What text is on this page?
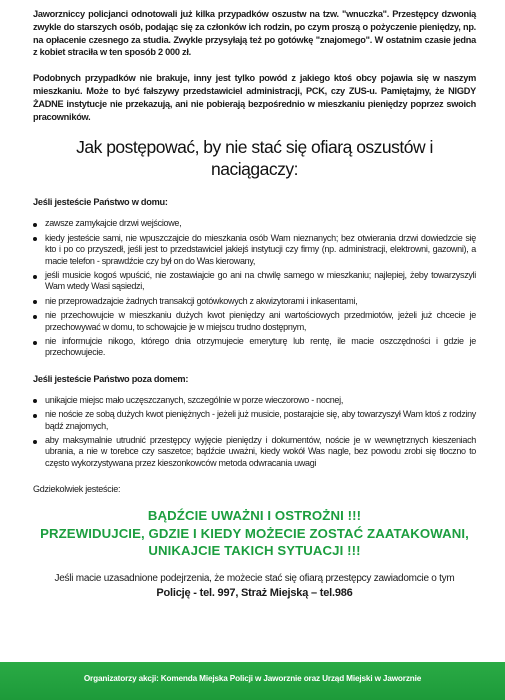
Jaworzniccy policjanci odnotowali już kilka przypadków oszustw na tzw. "wnuczka". Przestępcy dzwonią zwykle do starszych osób, podając się za członków ich rodzin, po czym proszą o pożyczenie pieniędzy, np. na opłacenie czesnego za studia. Zwykle przysyłają też po gotówkę "znajomego". W ostatnim czasie jedna z kobiet straciła w ten sposób 2 000 zł.

Podobnych przypadków nie brakuje, inny jest tylko powód z jakiego ktoś obcy pojawia się w naszym mieszkaniu. Może to być fałszywy przedstawiciel administracji, PCK, czy ZUS-u. Pamiętajmy, że NIGDY ŻADNE instytucje nie przekazują, ani nie pobierają bezpośrednio w mieszkaniu pieniędzy poprzez swoich pracowników.

Jak postępować, by nie stać się ofiarą oszustów i naciągaczy:
Jeśli jesteście Państwo w domu:
zawsze zamykajcie drzwi wejściowe,
kiedy jesteście sami, nie wpuszczajcie do mieszkania osób Wam nieznanych; bez otwierania drzwi dowiedzcie się kto i po co przyszedł, jeśli jest to przedstawiciel jakiejś instytucji czy firmy (np. administracji, elektrowni, gazowni), a macie telefon - sprawdźcie czy był on do Was kierowany,
jeśli musicie kogoś wpuścić, nie zostawiajcie go ani na chwilę samego w mieszkaniu; najlepiej, żeby towarzyszyli Wam wtedy Wasi sąsiedzi,
nie przeprowadzajcie żadnych transakcji gotówkowych z akwizytorami i inkasentami,
nie przechowujcie w mieszkaniu dużych kwot pieniędzy ani wartościowych przedmiotów, jeżeli już chcecie je przechowywać w domu, to schowajcie je w miejscu trudno dostępnym,
nie informujcie nikogo, którego dnia otrzymujecie emeryturę lub rentę, ile macie oszczędności i gdzie je przechowujecie.
Jeśli jesteście Państwo poza domem:
unikajcie miejsc mało uczęszczanych, szczególnie w porze wieczorowo - nocnej,
nie noście ze sobą dużych kwot pieniężnych - jeżeli już musicie, postarajcie się, aby towarzyszył Wam ktoś z rodziny bądź znajomych,
aby maksymalnie utrudnić przestępcy wyjęcie pieniędzy i dokumentów, noście je w wewnętrznych kieszeniach ubrania, a nie w torebce czy saszetce; bądźcie uważni, kiedy wokół Was nagle, bez powodu zrobi się tłoczno to często wykorzystywana przez kieszonkowców metoda odwracania uwagi
Gdziekolwiek jesteście:
BĄDŹCIE UWAŻNI I OSTROŻNI !!!
PRZEWIDUJCIE, GDZIE I KIEDY MOŻECIE ZOSTAĆ ZAATAKOWANI,
UNIKAJCIE TAKICH SYTUACJI !!!
Jeśli macie uzasadnione podejrzenia, że możecie stać się ofiarą przestępcy zawiadomcie o tym
Policję - tel. 997, Straż Miejską – tel.986
Organizatorzy akcji: Komenda Miejska Policji w Jaworznie oraz Urząd Miejski w Jaworznie
